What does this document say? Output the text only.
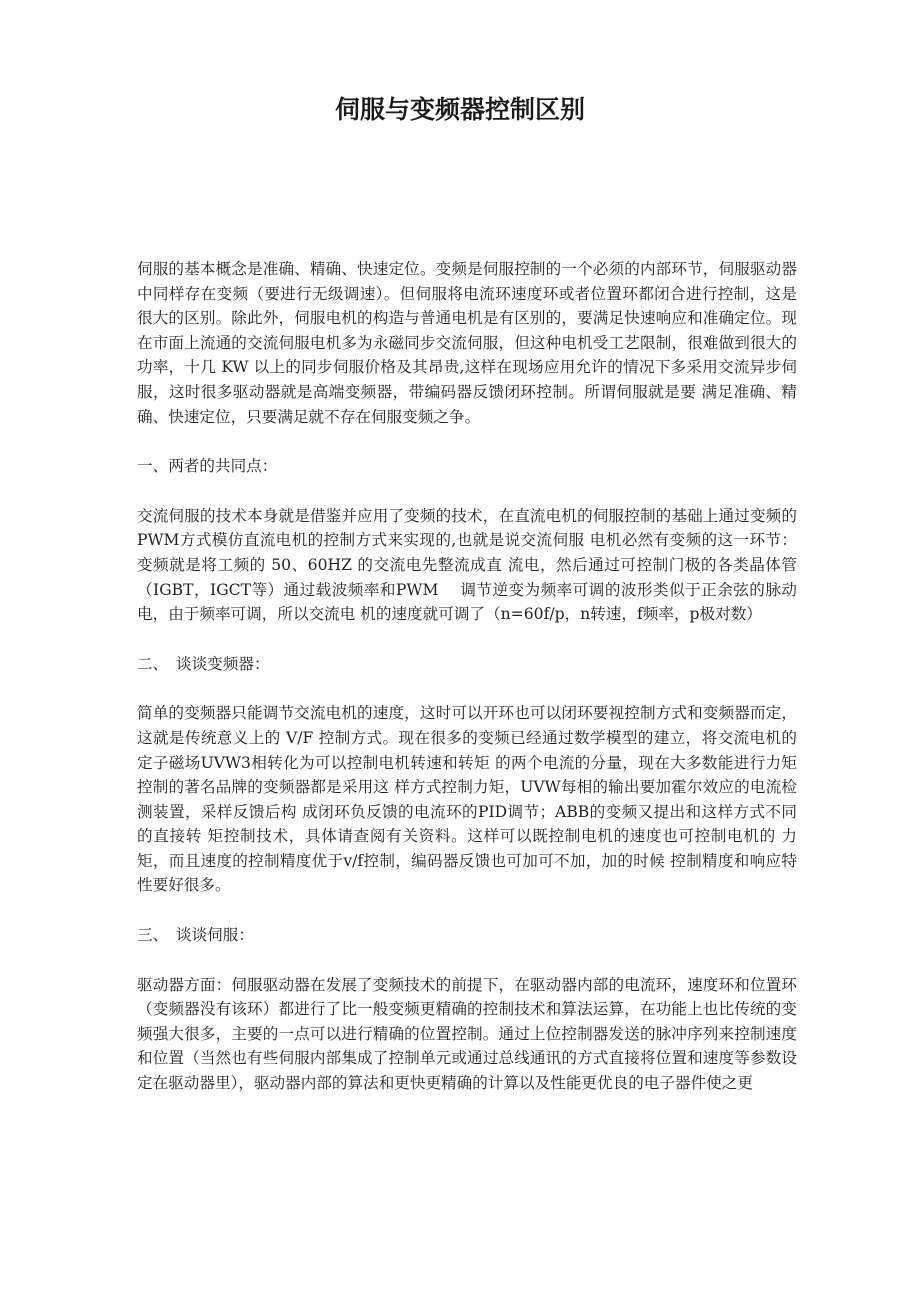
伺服与变频器控制区别

伺服的基本概念是准确、精确、快速定位。变频是伺服控制的一个必须的内部环节，伺服驱动器中同样存在变频（要进行无级调速）。但伺服将电流环速度环或者位置环都闭合进行控制，这是很大的区别。除此外，伺服电机的构造与普通电机是有区别的，要满足快速响应和准确定位。现在市面上流通的交流伺服电机多为永磁同步交流伺服，但这种电机受工艺限制，很难做到很大的功率，十几 KW 以上的同步伺服价格及其昂贵,这样在现场应用允许的情况下多采用交流异步伺 服，这时很多驱动器就是高端变频器，带编码器反馈闭环控制。所谓伺服就是要 满足准确、精确、快速定位，只要满足就不存在伺服变频之争。

一、两者的共同点：

交流伺服的技术本身就是借鉴并应用了变频的技术，在直流电机的伺服控制的基础上通过变频的PWM方式模仿直流电机的控制方式来实现的,也就是说交流伺服 电机必然有变频的这一环节：变频就是将工频的 50、60HZ 的交流电先整流成直 流电，然后通过可控制门极的各类晶体管（IGBT，IGCT等）通过载波频率和PWM　 调节逆变为频率可调的波形类似于正余弦的脉动电，由于频率可调，所以交流电 机的速度就可调了（n=60f/p，n转速，f频率，p极对数）

二、　谈谈变频器：

简单的变频器只能调节交流电机的速度，这时可以开环也可以闭环要视控制方式和变频器而定，这就是传统意义上的 V/F 控制方式。现在很多的变频已经通过数学模型的建立，将交流电机的定子磁场UVW3相转化为可以控制电机转速和转矩 的两个电流的分量，现在大多数能进行力矩控制的著名品牌的变频器都是采用这 样方式控制力矩，UVW每相的输出要加霍尔效应的电流检测装置，采样反馈后构 成闭环负反馈的电流环的PID调节；ABB的变频又提出和这样方式不同的直接转 矩控制技术，具体请查阅有关资料。这样可以既控制电机的速度也可控制电机的 力矩，而且速度的控制精度优于v/f控制，编码器反馈也可加可不加，加的时候 控制精度和响应特性要好很多。

三、　谈谈伺服：

驱动器方面：伺服驱动器在发展了变频技术的前提下，在驱动器内部的电流环，速度环和位置环（变频器没有该环）都进行了比一般变频更精确的控制技术和算法运算，在功能上也比传统的变频强大很多，主要的一点可以进行精确的位置控制。通过上位控制器发送的脉冲序列来控制速度和位置（当然也有些伺服内部集成了控制单元或通过总线通讯的方式直接将位置和速度等参数设定在驱动器里），驱动器内部的算法和更快更精确的计算以及性能更优良的电子器件使之更
